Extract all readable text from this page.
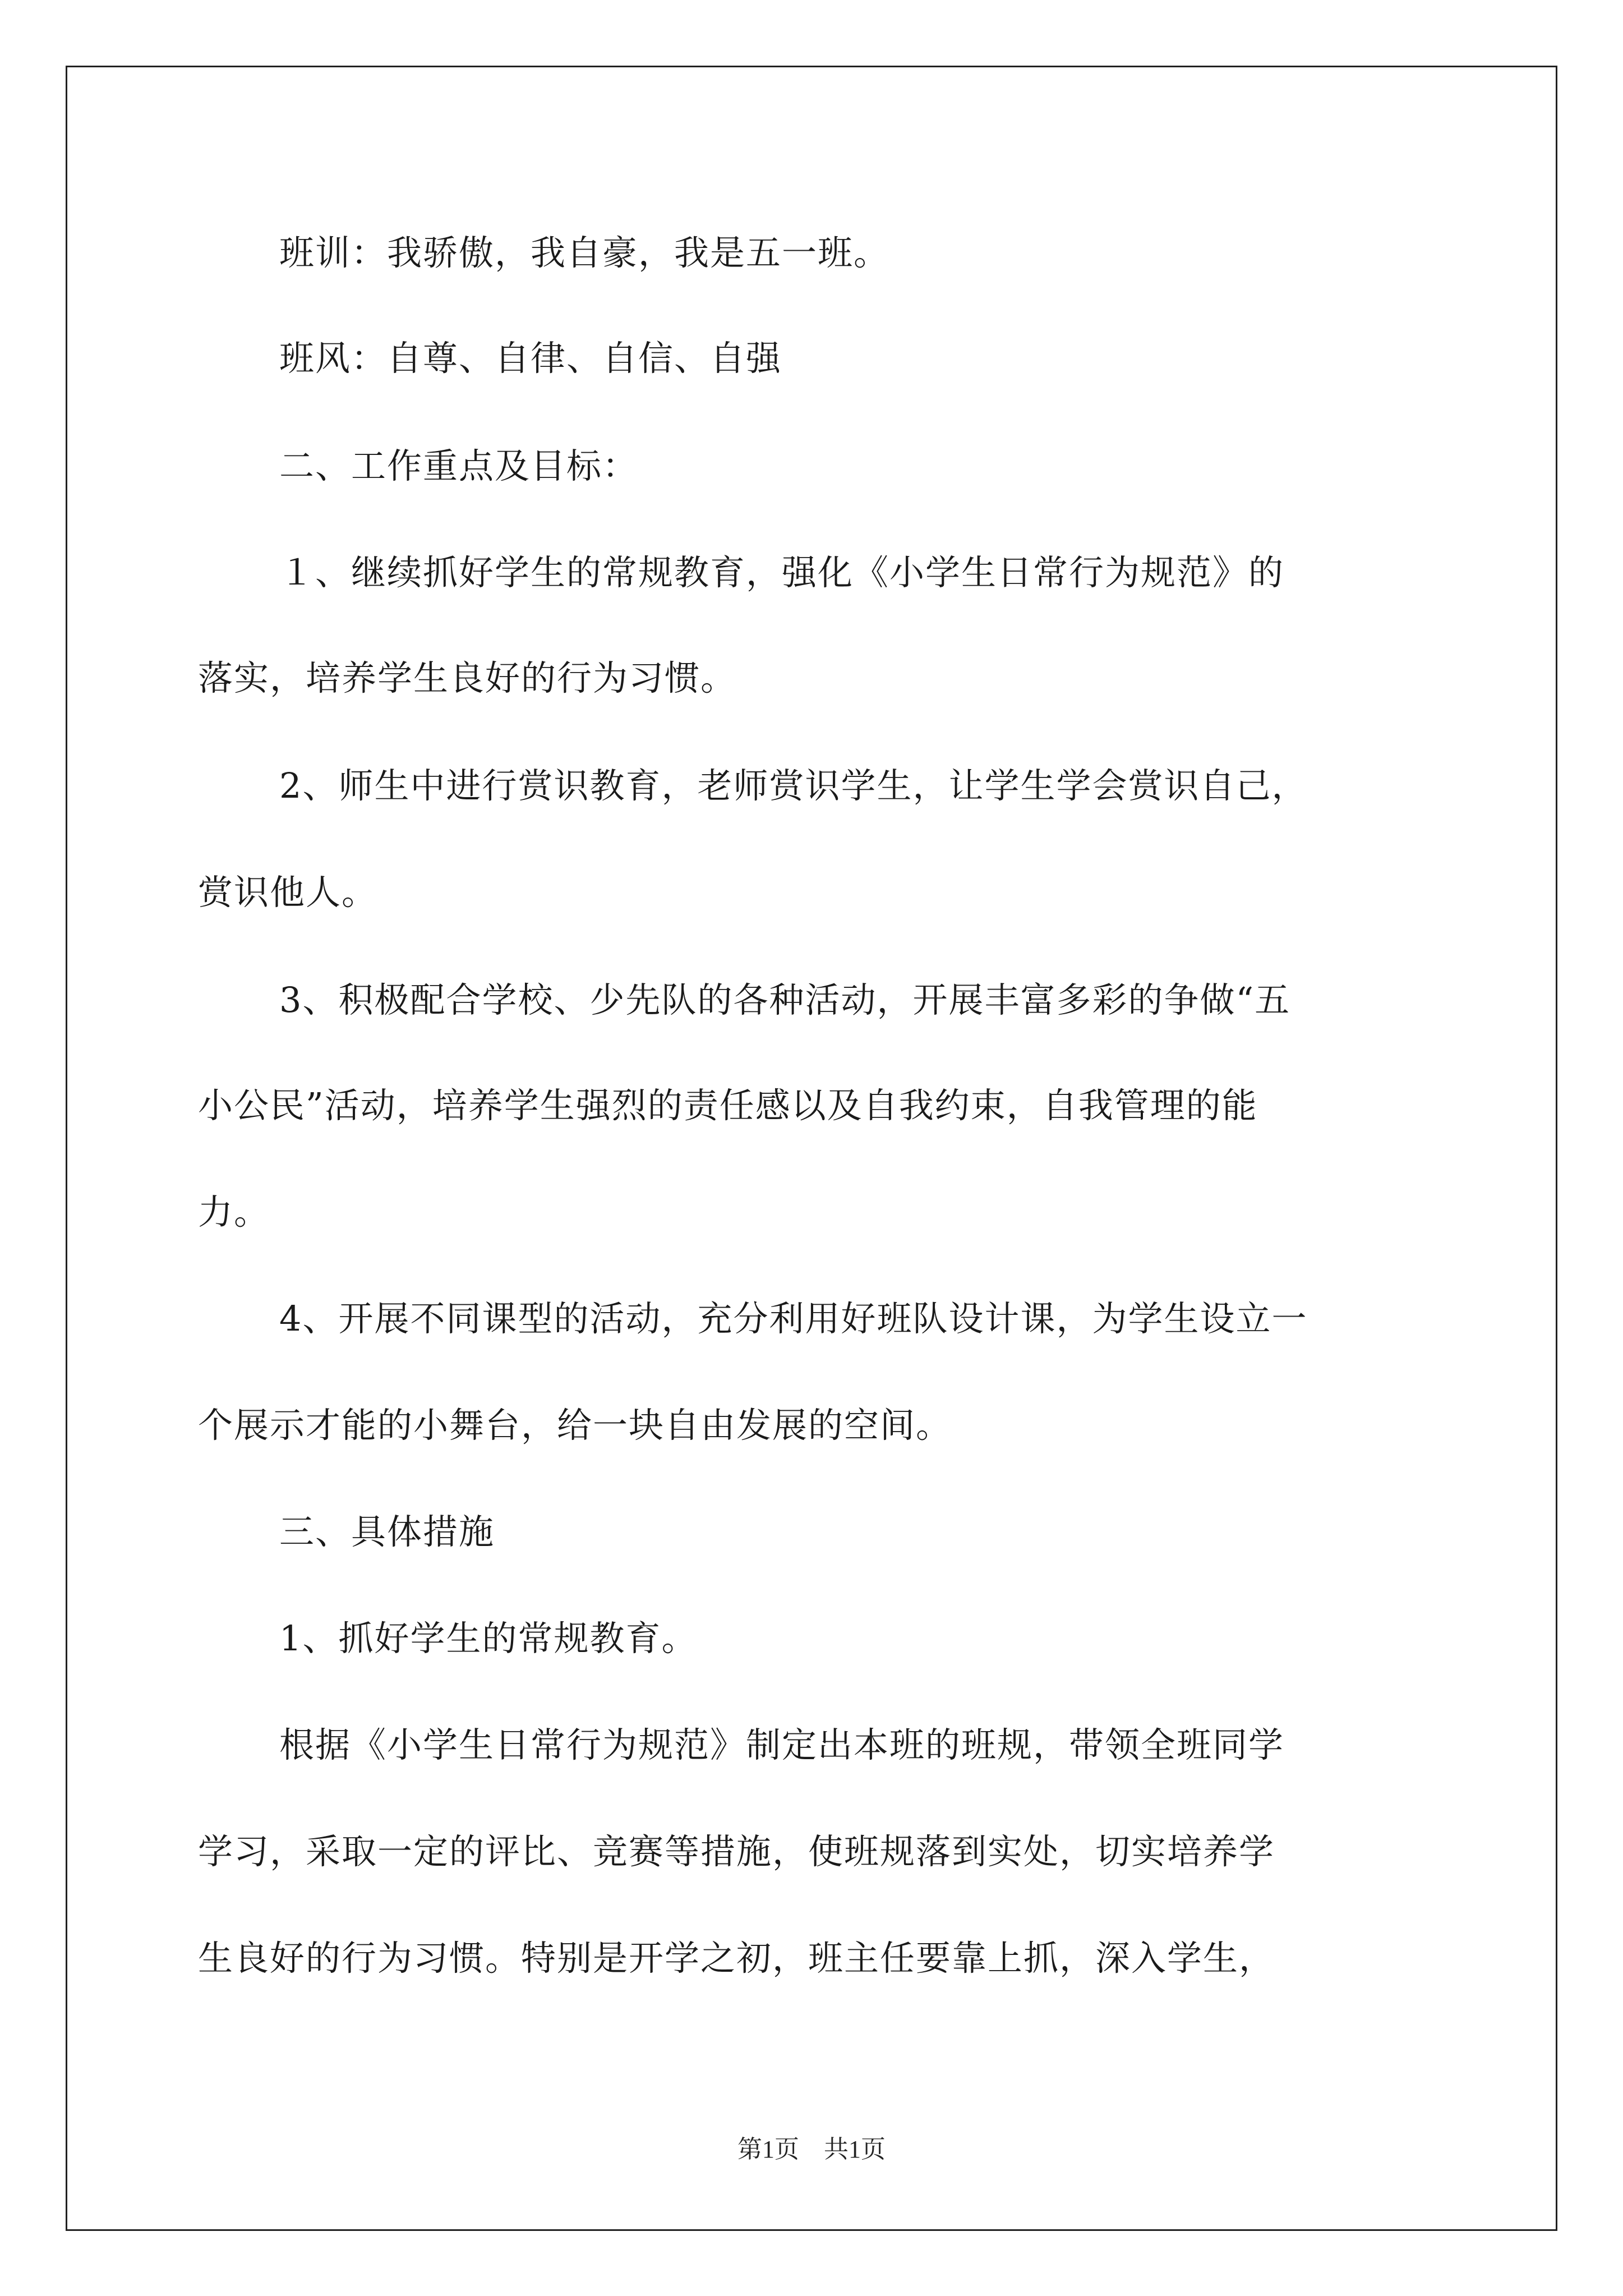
班训：我骄傲，我自豪，我是五一班。
班风：自尊、自律、自信、自强
二、工作重点及目标：
１、继续抓好学生的常规教育，强化《小学生日常行为规范》的
落实，培养学生良好的行为习惯。
2、师生中进行赏识教育，老师赏识学生，让学生学会赏识自己，
赏识他人。
3、积极配合学校、少先队的各种活动，开展丰富多彩的争做“五
小公民”活动，培养学生强烈的责任感以及自我约束，自我管理的能
力。
4、开展不同课型的活动，充分利用好班队设计课，为学生设立一
个展示才能的小舞台，给一块自由发展的空间。
三、具体措施
1、抓好学生的常规教育。
根据《小学生日常行为规范》制定出本班的班规，带领全班同学
学习，采取一定的评比、竞赛等措施，使班规落到实处，切实培养学
生良好的行为习惯。特别是开学之初，班主任要靠上抓，深入学生，
第1页　共1页
